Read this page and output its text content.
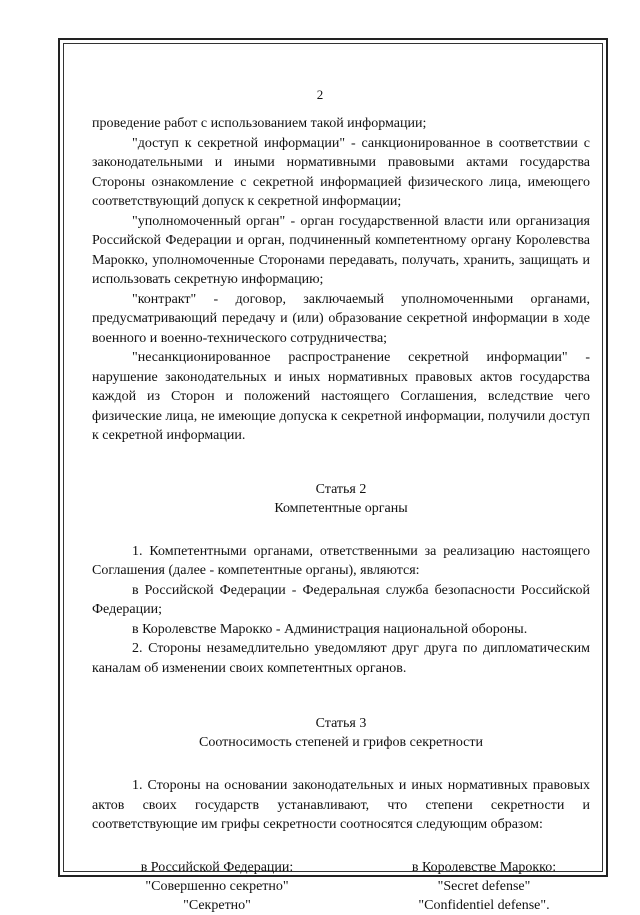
2

проведение работ с использованием такой информации;

"доступ к секретной информации" - санкционированное в соответствии с законодательными и иными нормативными правовыми актами государства Стороны ознакомление с секретной информацией физического лица, имеющего соответствующий допуск к секретной информации;

"уполномоченный орган" - орган государственной власти или организация Российской Федерации и орган, подчиненный компетентному органу Королевства Марокко, уполномоченные Сторонами передавать, получать, хранить, защищать и использовать секретную информацию;

"контракт" - договор, заключаемый уполномоченными органами, предусматривающий передачу и (или) образование секретной информации в ходе военного и военно-технического сотрудничества;

"несанкционированное распространение секретной информации" - нарушение законодательных и иных нормативных правовых актов государства каждой из Сторон и положений настоящего Соглашения, вследствие чего физические лица, не имеющие допуска к секретной информации, получили доступ к секретной информации.

Статья 2
Компетентные органы

1. Компетентными органами, ответственными за реализацию настоящего Соглашения (далее - компетентные органы), являются:

в Российской Федерации - Федеральная служба безопасности Российской Федерации;

в Королевстве Марокко - Администрация национальной обороны.

2. Стороны незамедлительно уведомляют друг друга по дипломатическим каналам об изменении своих компетентных органов.

Статья 3
Соотносимость степеней и грифов секретности

1. Стороны на основании законодательных и иных нормативных правовых актов своих государств устанавливают, что степени секретности и соответствующие им грифы секретности соотносятся следующим образом:

в Российской Федерации:
"Совершенно секретно"
"Секретно"
в Королевстве Марокко:
"Secret defense"
"Confidentiel defense".
